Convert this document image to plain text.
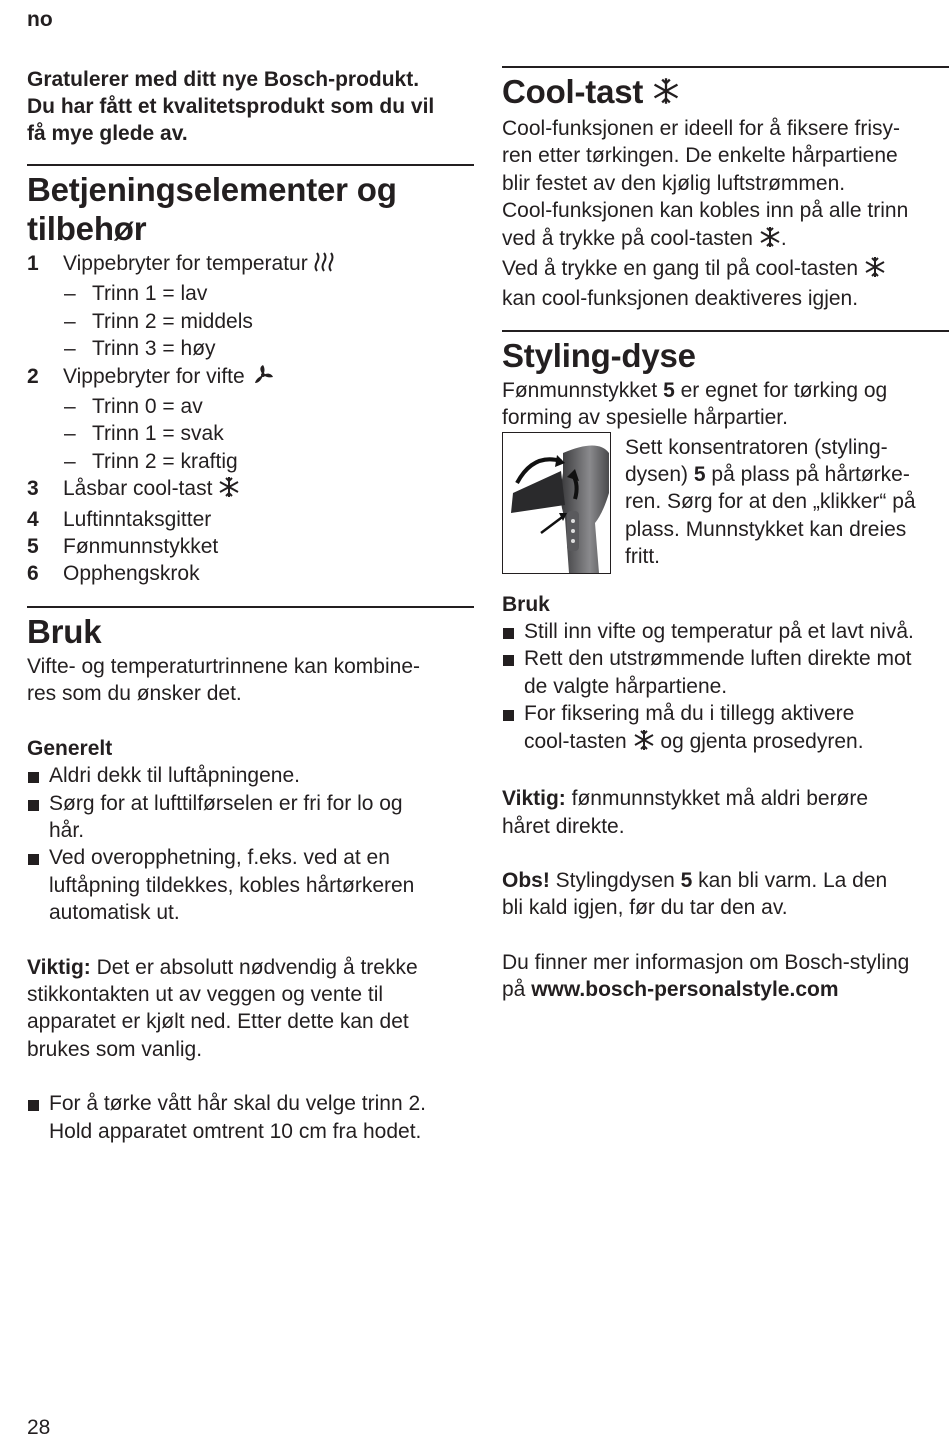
no
Gratulerer med ditt nye Bosch-produkt.
Du har fått et kvalitetsprodukt som du vil
få mye glede av.
Betjeningselementer og
tilbehør
1	Vippebryter for temperatur
– Trinn 1 = lav
– Trinn 2 = middels
– Trinn 3 = høy
2	Vippebryter for vifte
– Trinn 0 = av
– Trinn 1 = svak
– Trinn 2 = kraftig
3	Låsbar cool-tast
4	Luftinntaksgitter
5	Fønmunnstykket
6	Opphengskrok
Bruk

Vifte- og temperaturtrinnene kan kombine-
res som du ønsker det.

Generelt
Aldri dekk til luftåpningene.
Sørg for at lufttilførselen er fri for lo og
hår.
Ved overopphetning, f.eks. ved at en
luftåpning tildekkes, kobles hårtørkeren
automatisk ut.

Viktig: Det er absolutt nødvendig å trekke
stikkontakten ut av veggen og vente til
apparatet er kjølt ned. Etter dette kan det
brukes som vanlig.

For å tørke vått hår skal du velge trinn 2.
Hold apparatet omtrent 10 cm fra hodet.
Cool-tast

Cool-funksjonen er ideell for å fiksere frisy-
ren etter tørkingen. De enkelte hårpartiene
blir festet av den kjølig luftstrømmen.
Cool-funksjonen kan kobles inn på alle trinn
ved å trykke på cool-tasten .
Ved å trykke en gang til på cool-tasten
kan cool-funksjonen deaktiveres igjen.

Styling-dyse

Fønmunnstykket 5 er egnet for tørking og
forming av spesielle hårpartier.

Sett konsentratoren (styling-
dysen) 5 på plass på hårtørke-
ren. Sørg for at den „klikker“ på
plass. Munnstykket kan dreies
fritt.

Bruk
Still inn vifte og temperatur på et lavt nivå.
Rett den utstrømmende luften direkte mot
de valgte hårpartiene.
For fiksering må du i tillegg aktivere
cool-tasten  og gjenta prosedyren.

Viktig: fønmunnstykket må aldri berøre
håret direkte.

Obs! Stylingdysen 5 kan bli varm. La den
bli kald igjen, før du tar den av.

Du finner mer informasjon om Bosch-styling
på www.bosch-personalstyle.com

28
